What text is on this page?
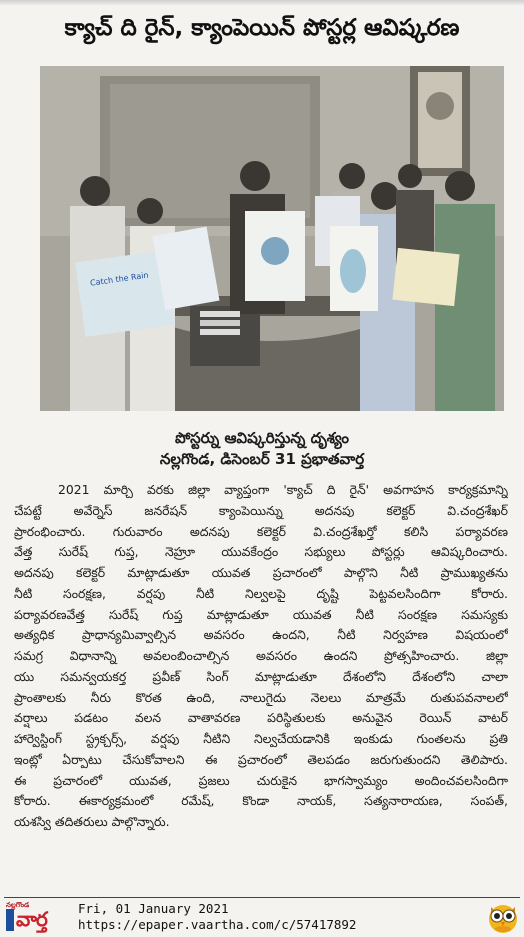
క్యాచ్ ది రైన్, క్యాంపెయిన్ పోస్టర్ల ఆవిష్కరణ
Catch the Rain
పోస్టర్ను ఆవిష్కరిస్తున్న దృశ్యం
నల్లగొండ, డిసెంబర్ 31 ప్రభాతవార్త
2021 మార్చి వరకు జిల్లా వ్యాప్తంగా 'క్యాచ్ ది రైన్' అవగాహన కార్యక్రమాన్ని
చేపట్టే అవేర్నెస్ జనరేషన్ క్యాంపెయిన్ను అదనపు కలెక్టర్ వి.చంద్రశేఖర్
ప్రారంభించారు. గురువారం అదనపు కలెక్టర్ వి.చంద్రశేఖర్తో కలిసి పర్యావరణ
వేత్త సురేష్ గుప్త, నెహ్రూ యువకేంద్రం సభ్యులు పోస్టర్లు ఆవిష్కరించారు.
అదనపు కలెక్టర్ మాట్లాడుతూ యువత ప్రచారంలో పాల్గొని నీటి ప్రాముఖ్యతను
నీటి సంరక్షణ, వర్షపు నీటి నిల్వలపై దృష్టి పెట్టవలసిందిగా కోరారు.
పర్యావరణవేత్త సురేష్ గుప్త మాట్లాడుతూ యువత నీటి సంరక్షణ సమస్యకు
అత్యధిక ప్రాధాన్యమివ్వాల్సిన అవసరం ఉందని, నీటి నిర్వహణ విషయంలో
సమగ్ర విధానాన్ని అవలంబించాల్సిన అవసరం ఉందని ప్రోత్సహించారు. జిల్లా
యు సమన్వయకర్త ప్రవీణ్ సింగ్ మాట్లాడుతూ దేశంలోని దేశంలోని చాలా
ప్రాంతాలకు నీరు కొరత ఉంది, నాలుగైదు నెలలు మాత్రమే రుతుపవనాలలో
వర్షాలు పడటం వలన వాతావరణ పరిస్థితులకు అనువైన రెయిన్ వాటర్
హార్వెస్టింగ్ స్ట్రక్చర్స్, వర్షపు నీటిని నిల్వచేయడానికి ఇంకుడు గుంతలను ప్రతి
ఇంట్లో ఏర్పాటు చేసుకోవాలని ఈ ప్రచారంలో తెలపడం జరుగుతుందని తెలిపారు.
ఈ ప్రచారంలో యువత, ప్రజలు చురుకైన భాగస్వామ్యం అందించవలసిందిగా
కోరారు. ఈకార్యక్రమంలో రమేష్, కొండా నాయక్, సత్యనారాయణ, సంపత్,
యశస్వి తదితరులు పాల్గొన్నారు.
నల్లగొండ
వార్త Fri, 01 January 2021
https://epaper.vaartha.com/c/57417892
